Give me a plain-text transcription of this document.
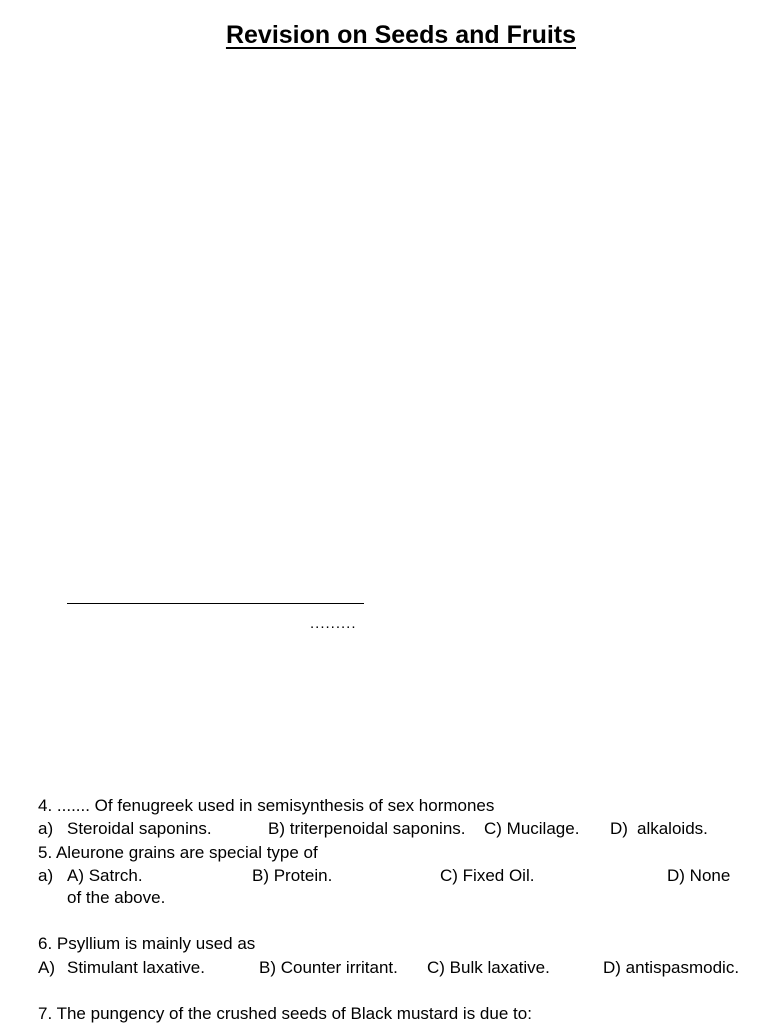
Revision on Seeds and Fruits
.........
4. ....... Of fenugreek used in semisynthesis of sex hormones
a) Steroidal saponins.	B) triterpenoidal saponins. C) Mucilage. D) alkaloids.
5. Aleurone grains are special type of
a) A) Satrch.	B) Protein.	C) Fixed Oil.	D) None
of the above.
6. Psyllium is mainly used as
A) Stimulant laxative.	B) Counter irritant. C) Bulk laxative.	D) antispasmodic.
7. The pungency of the crushed seeds of Black mustard is due to:
